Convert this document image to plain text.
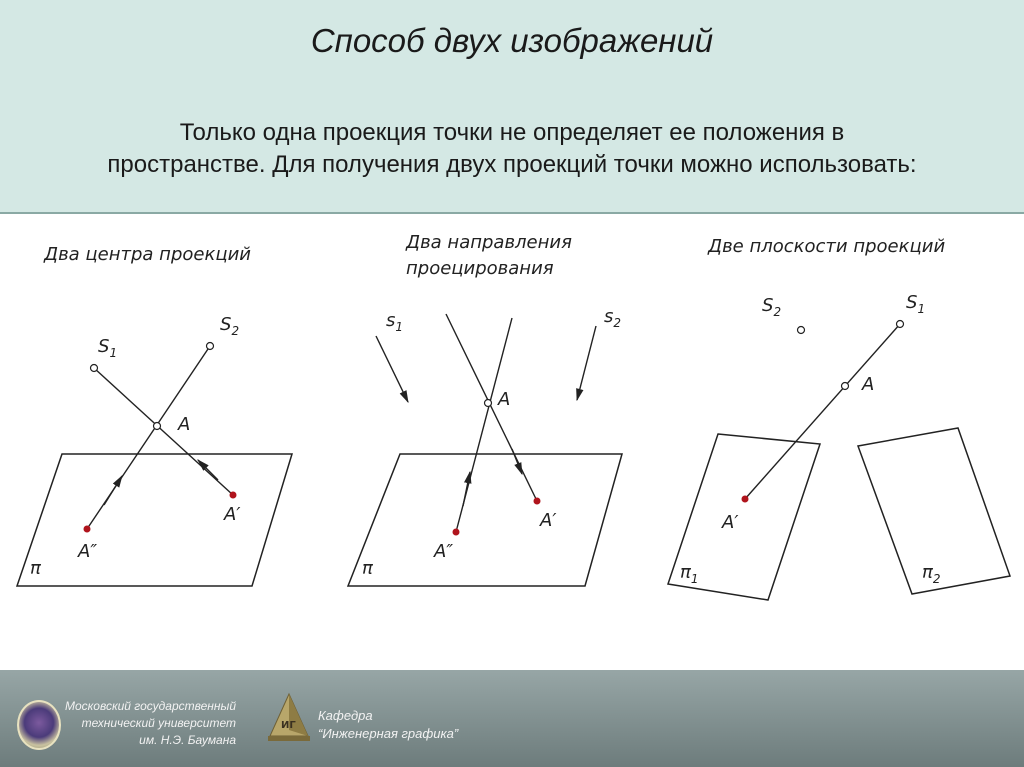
Способ двух изображений
Только одна проекция точки не определяет ее положения в
пространстве. Для получения двух проекций точки можно использовать:
Два центра проекций
$S_1$
$S_2$
A
A′
A″
π
Два направления
проецирования
$s_1$	$s_2$
A
A′
A″
π
Две плоскости проекций
$S_1$
$S_2$
A
A′
$\pi_1$	$\pi_2$
Московский государственный
технический университет
им. Н.Э. Баумана
ИГ
Кафедра
“Инженерная графика”
